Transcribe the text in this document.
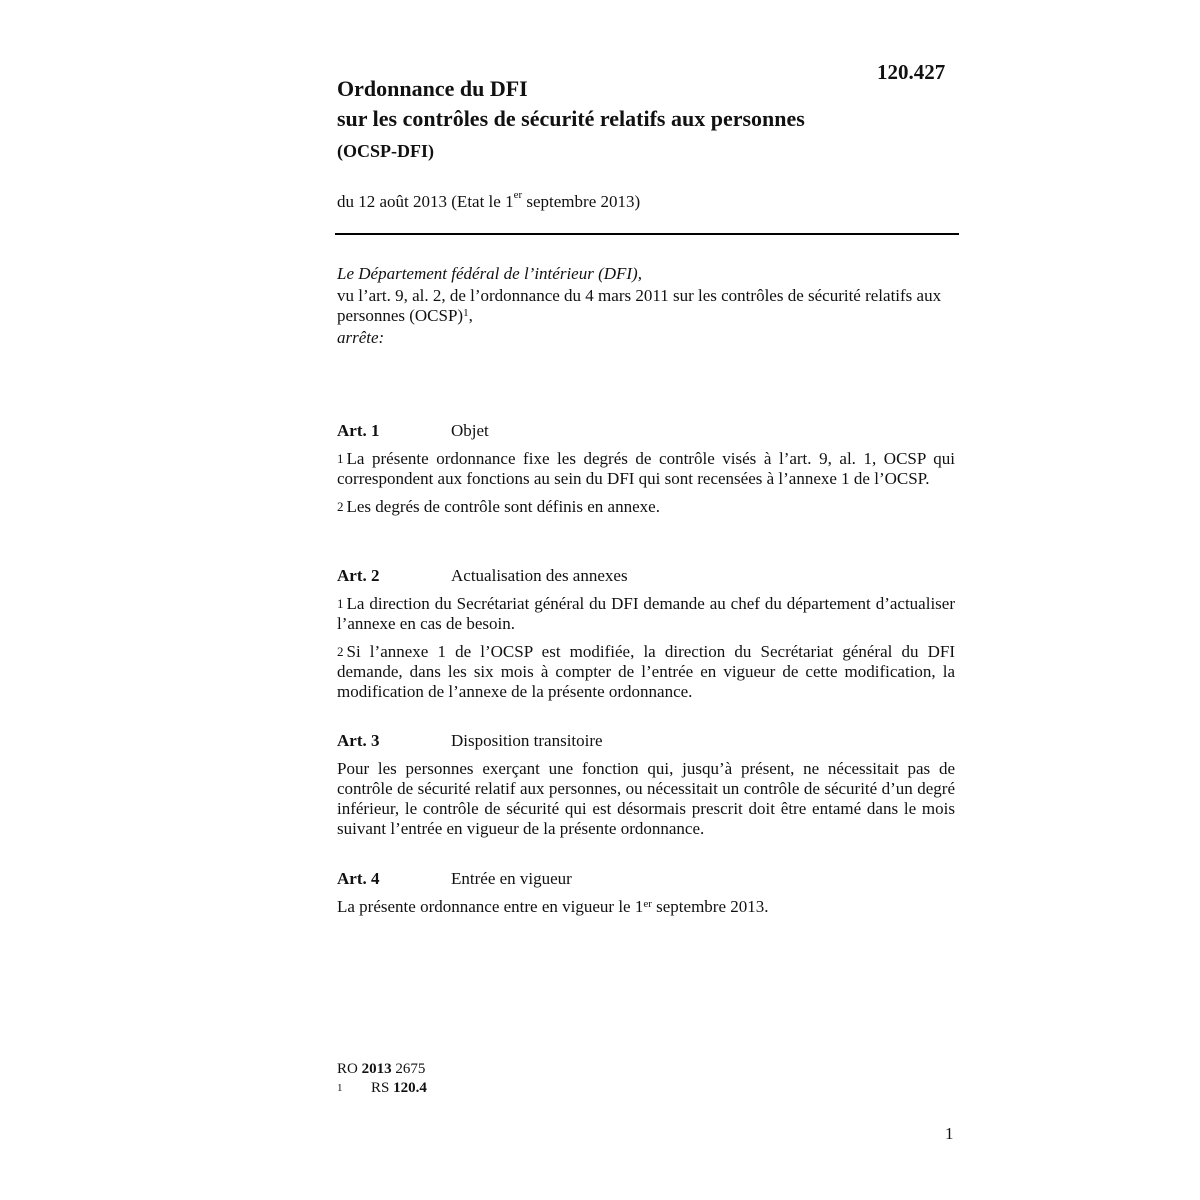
120.427
Ordonnance du DFI
sur les contrôles de sécurité relatifs aux personnes
(OCSP-DFI)
du 12 août 2013 (Etat le 1er septembre 2013)

Le Département fédéral de l’intérieur (DFI),

vu l’art. 9, al. 2, de l’ordonnance du 4 mars 2011 sur les contrôles de sécurité relatifs aux personnes (OCSP)$^1$,

arrête:

Art. 1	Objet

$^1$ La présente ordonnance fixe les degrés de contrôle visés à l’art. 9, al. 1, OCSP qui correspondent aux fonctions au sein du DFI qui sont recensées à l’annexe 1 de l’OCSP.

$^2$ Les degrés de contrôle sont définis en annexe.

Art. 2	Actualisation des annexes

$^1$ La direction du Secrétariat général du DFI demande au chef du département d’actualiser l’annexe en cas de besoin.

$^2$ Si l’annexe 1 de l’OCSP est modifiée, la direction du Secrétariat général du DFI demande, dans les six mois à compter de l’entrée en vigueur de cette modification, la modification de l’annexe de la présente ordonnance.

Art. 3	Disposition transitoire

Pour les personnes exerçant une fonction qui, jusqu’à présent, ne nécessitait pas de contrôle de sécurité relatif aux personnes, ou nécessitait un contrôle de sécurité d’un degré inférieur, le contrôle de sécurité qui est désormais prescrit doit être entamé dans le mois suivant l’entrée en vigueur de la présente ordonnance.

Art. 4	Entrée en vigueur

La présente ordonnance entre en vigueur le 1er septembre 2013.

RO 2013 2675
1 RS 120.4
1
